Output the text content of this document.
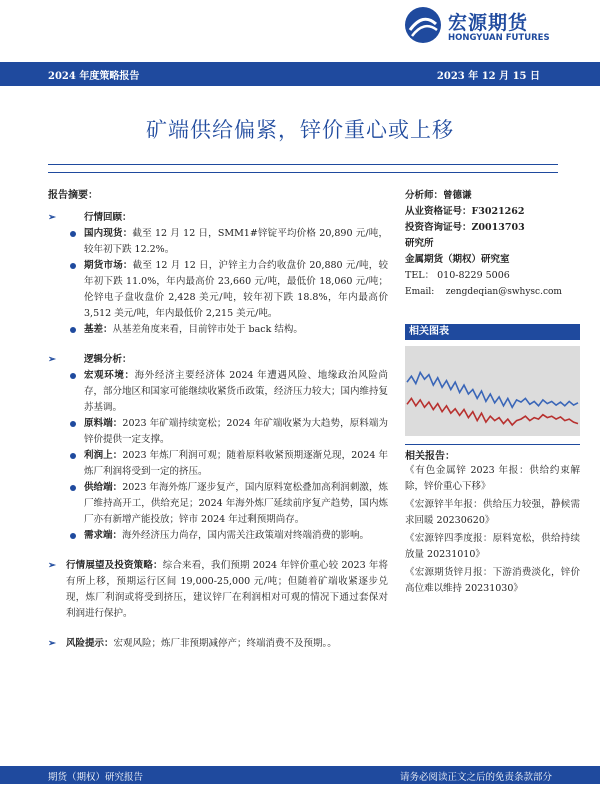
宏源期货
HONGYUAN FUTURES
2024 年度策略报告	2023 年 12 月 15 日
矿端供给偏紧，锌价重心或上移
报告摘要：
➢	行情回顾：
国内现货：截至 12 月 12 日，SMM1#锌锭平均价格 20,890 元/吨，较年初下跌 12.2%。
期货市场：截至 12 月 12 日，沪锌主力合约收盘价 20,880 元/吨，较年初下跌 11.0%，年内最高价 23,660 元/吨，最低价 18,060 元/吨；伦锌电子盘收盘价 2,428 美元/吨，较年初下跌 18.8%，年内最高价 3,512 美元/吨，年内最低价 2,215 美元/吨。
基差：从基差角度来看，目前锌市处于 back 结构。
➢	逻辑分析：
宏观环境：海外经济主要经济体 2024 年遭遇风险、地缘政治风险尚存，部分地区和国家可能继续收紧货币政策，经济压力较大；国内维持复苏基调。
原料端：2023 年矿端持续宽松；2024 年矿端收紧为大趋势，原料端为锌价提供一定支撑。
利润上：2023 年炼厂利润可观；随着原料收紧预期逐渐兑现，2024 年炼厂利润将受到一定的挤压。
供给端：2023 年海外炼厂逐步复产，国内原料宽松叠加高利润刺激，炼厂维持高开工，供给充足；2024 年海外炼厂延续前序复产趋势，国内炼厂亦有新增产能投放；锌市 2024 年过剩预期尚存。
需求端：海外经济压力尚存，国内需关注政策端对终端消费的影响。
➢ 行情展望及投资策略：综合来看，我们预期 2024 年锌价重心较 2023 年将有所上移，预期运行区间 19,000-25,000 元/吨；但随着矿端收紧逐步兑现，炼厂利润或将受到挤压，建议锌厂在利润相对可观的情况下通过套保对利润进行保护。
➢ 风险提示：宏观风险；炼厂非预期减停产；终端消费不及预期。。
分析师：曾德谦
从业资格证号：F3021262
投资咨询证号：Z0013703
研究所
金属期货（期权）研究室
TEL： 010-8229 5006
Email: zengdeqian@swhysc.com
相关图表
相关报告：
《有色金属锌 2023 年报：供给约束解除，锌价重心下移》
《宏源锌半年报：供给压力较强，静候需求回暖 20230620》
《宏源锌四季度报：原料宽松，供给持续放量 20231010》
《宏源期货锌月报：下游消费淡化，锌价高位难以维持 20231030》
期货（期权）研究报告	请务必阅读正文之后的免责条款部分
